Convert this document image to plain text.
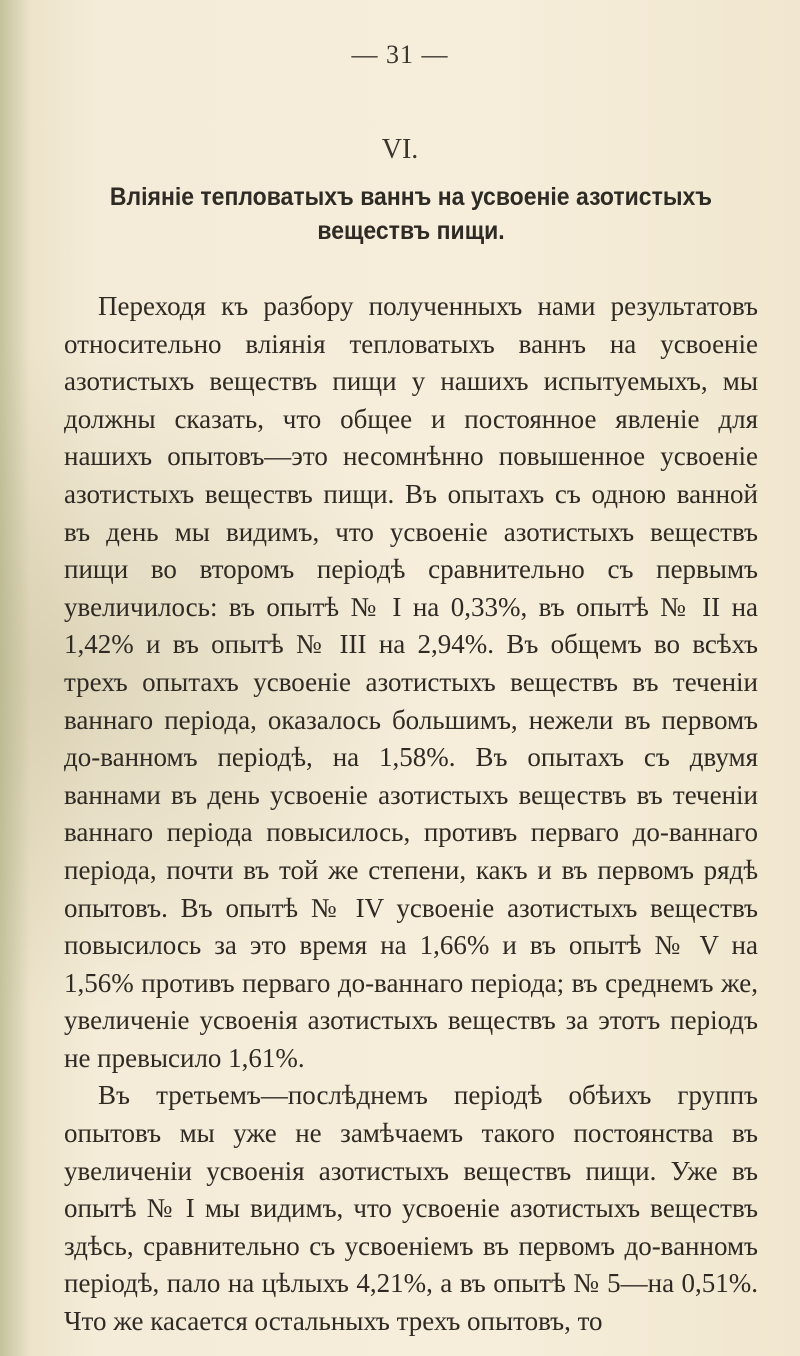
— 31 —
VI.
Вліяніе тепловатыхъ ваннъ на усвоеніе азотистыхъ веществъ пищи.

Переходя къ разбору полученныхъ нами результатовъ относительно вліянія тепловатыхъ ваннъ на усвоеніе азотистыхъ веществъ пищи у нашихъ испытуемыхъ, мы должны сказать, что общее и постоянное явленіе для нашихъ опытовъ—это несомнѣнно повышенное усвоеніе азотистыхъ веществъ пищи. Въ опытахъ съ одною ванной въ день мы видимъ, что усвоеніе азотистыхъ веществъ пищи во второмъ періодѣ сравнительно съ первымъ увеличилось: въ опытѣ № I на 0,33%, въ опытѣ № II на 1,42% и въ опытѣ № III на 2,94%. Въ общемъ во всѣхъ трехъ опытахъ усвоеніе азотистыхъ веществъ въ теченіи ваннаго періода, оказалось большимъ, нежели въ первомъ до-ванномъ періодѣ, на 1,58%. Въ опытахъ съ двумя ваннами въ день усвоеніе азотистыхъ веществъ въ теченіи ваннаго періода повысилось, противъ перваго до-ваннаго періода, почти въ той же степени, какъ и въ первомъ рядѣ опытовъ. Въ опытѣ № IV усвоеніе азотистыхъ веществъ повысилось за это время на 1,66% и въ опытѣ № V на 1,56% противъ перваго до-ваннаго періода; въ среднемъ же, увеличеніе усвоенія азотистыхъ веществъ за этотъ періодъ не превысило 1,61%.

Въ третьемъ—послѣднемъ періодѣ обѣихъ группъ опытовъ мы уже не замѣчаемъ такого постоянства въ увеличеніи усвоенія азотистыхъ веществъ пищи. Уже въ опытѣ № I мы видимъ, что усвоеніе азотистыхъ веществъ здѣсь, сравнительно съ усвоеніемъ въ первомъ до-ванномъ періодѣ, пало на цѣлыхъ 4,21%, а въ опытѣ № 5—на 0,51%. Что же касается остальныхъ трехъ опытовъ, то
